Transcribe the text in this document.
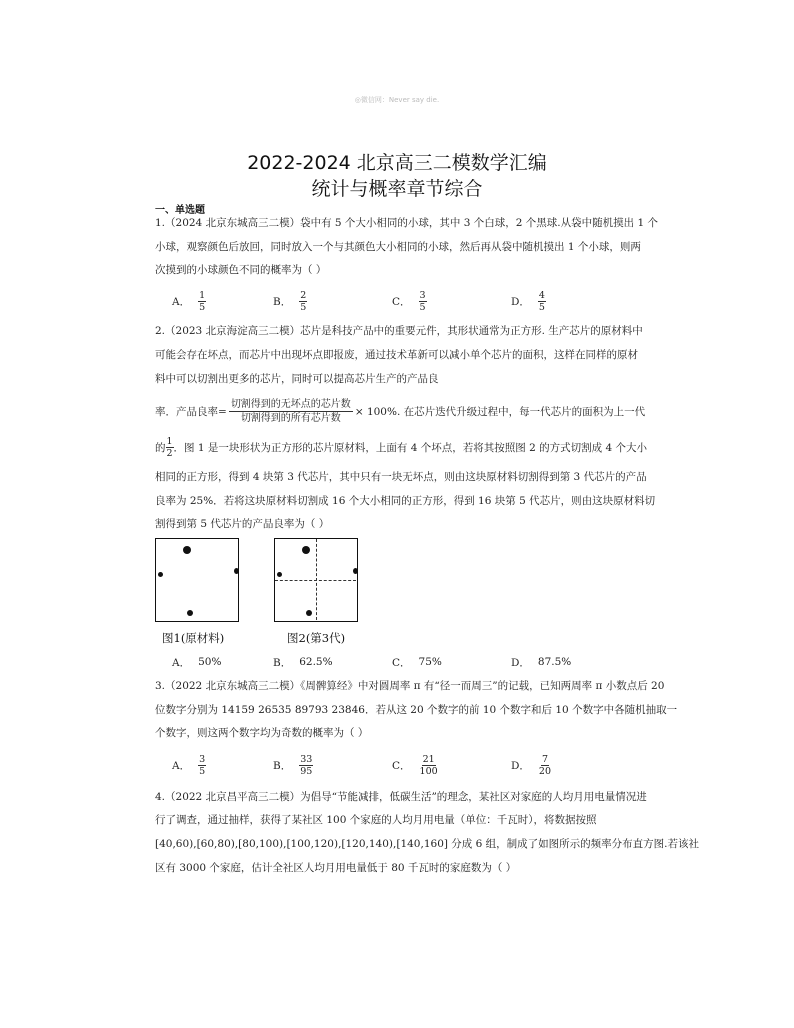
◎微信网：Never say die.
2022-2024 北京高三二模数学汇编
统计与概率章节综合
一、单选题
1.（2024 北京东城高三二模）袋中有 5 个大小相同的小球，其中 3 个白球，2 个黑球.从袋中随机摸出 1 个
小球，观察颜色后放回，同时放入一个与其颜色大小相同的小球，然后再从袋中随机摸出 1 个小球，则两
次摸到的小球颜色不同的概率为（ ）
A． $\frac{1}{5}$	B． $\frac{2}{5}$	C． $\frac{3}{5}$	D． $\frac{4}{5}$
2.（2023 北京海淀高三二模）芯片是科技产品中的重要元件，其形状通常为正方形. 生产芯片的原材料中
可能会存在坏点，而芯片中出现坏点即报废，通过技术革新可以减小单个芯片的面积，这样在同样的原材
料中可以切割出更多的芯片，同时可以提高芯片生产的产品良
率．产品良率= $\frac{\text{切割得到的无坏点的芯片数}}{\text{切割得到的所有芯片数}} \times 100\%$. 在芯片迭代升级过程中，每一代芯片的面积为上一代
的 $\frac{1}{2}$ ．图 1 是一块形状为正方形的芯片原材料，上面有 4 个坏点，若将其按照图 2 的方式切割成 4 个大小
相同的正方形，得到 4 块第 3 代芯片，其中只有一块无坏点，则由这块原材料切割得到第 3 代芯片的产品
良率为 25%．若将这块原材料切割成 16 个大小相同的正方形，得到 16 块第 5 代芯片，则由这块原材料切
割得到第 5 代芯片的产品良率为（ ）
图1(原材料)	图2(第3代)
A． 50%	B． 62.5%	C． 75%	D． 87.5%
3.（2022 北京东城高三二模）《周髀算经》中对圆周率 π 有“径一而周三”的记载，已知两周率 π 小数点后 20
位数字分别为 14159 26535 89793 23846．若从这 20 个数字的前 10 个数字和后 10 个数字中各随机抽取一
个数字，则这两个数字均为奇数的概率为（ ）
A． $\frac{3}{5}$	B． $\frac{33}{95}$	C． $\frac{21}{100}$	D． $\frac{7}{20}$
4.（2022 北京昌平高三二模）为倡导“节能减排，低碳生活”的理念，某社区对家庭的人均月用电量情况进
行了调查，通过抽样，获得了某社区 100 个家庭的人均月用电量（单位：千瓦时），将数据按照
[40,60),[60,80),[80,100),[100,120),[120,140),[140,160] 分成 6 组，制成了如图所示的频率分布直方图.若该社
区有 3000 个家庭，估计全社区人均月用电量低于 80 千瓦时的家庭数为（ ）
